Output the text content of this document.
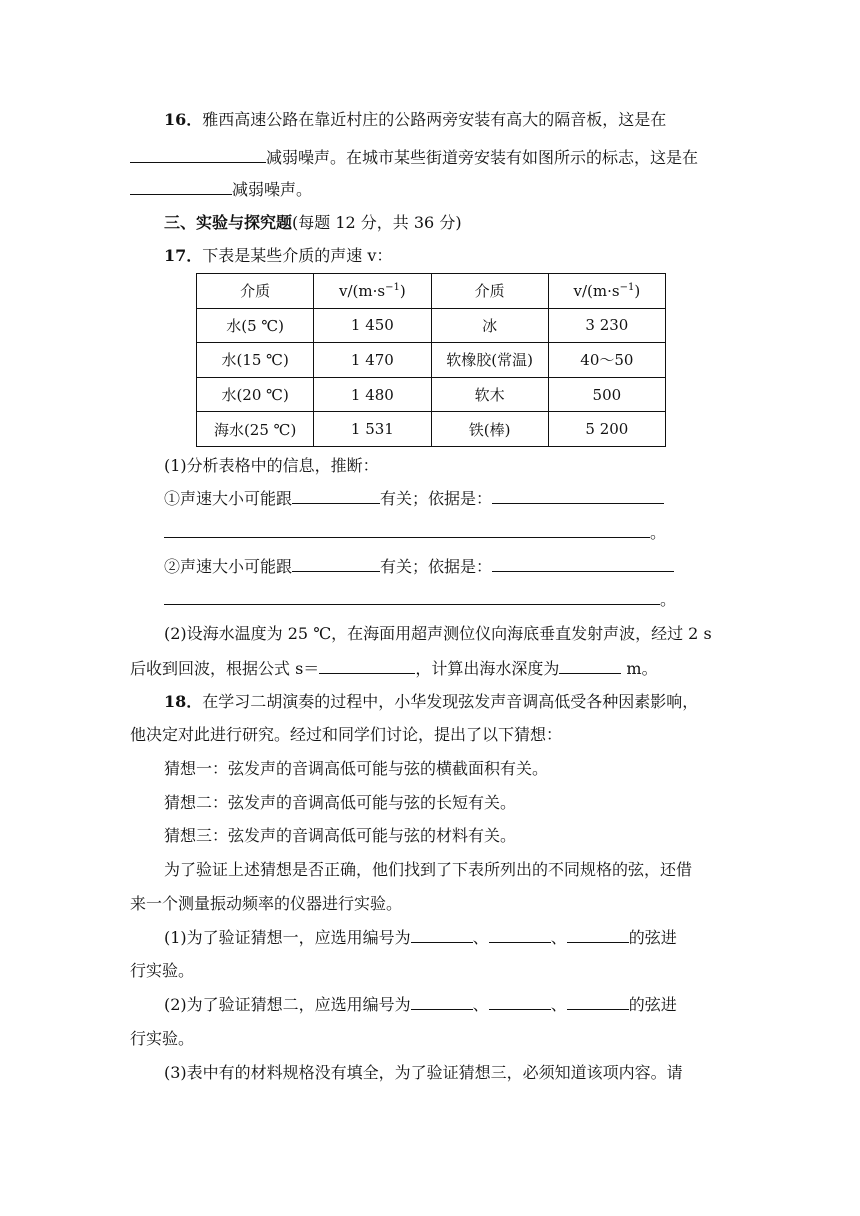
16．雅西高速公路在靠近村庄的公路两旁安装有高大的隔音板，这是在
减弱噪声。在城市某些街道旁安装有如图所示的标志，这是在
减弱噪声。
三、实验与探究题(每题 12 分，共 36 分)
17．下表是某些介质的声速 v：
介质	$v/(m\cdot s^{-1})$	介质	$v/(m\cdot s^{-1})$
水(5 ℃)	1 450	冰	3 230
水(15 ℃)	1 470	软橡胶(常温)	40～50
水(20 ℃)	1 480	软木	500
海水(25 ℃)	1 531	铁(棒)	5 200
(1)分析表格中的信息，推断：
①声速大小可能跟	有关；依据是：
。
②声速大小可能跟	有关；依据是：
。
(2)设海水温度为 25 ℃，在海面用超声测位仪向海底垂直发射声波，经过 2 s
后收到回波，根据公式 s＝	，计算出海水深度为	m。
18．在学习二胡演奏的过程中，小华发现弦发声音调高低受各种因素影响，
他决定对此进行研究。经过和同学们讨论，提出了以下猜想：
猜想一：弦发声的音调高低可能与弦的横截面积有关。
猜想二：弦发声的音调高低可能与弦的长短有关。
猜想三：弦发声的音调高低可能与弦的材料有关。
为了验证上述猜想是否正确，他们找到了下表所列出的不同规格的弦，还借
来一个测量振动频率的仪器进行实验。
(1)为了验证猜想一，应选用编号为	、	、	的弦进
行实验。
(2)为了验证猜想二，应选用编号为	、	、	的弦进
行实验。
(3)表中有的材料规格没有填全，为了验证猜想三，必须知道该项内容。请
